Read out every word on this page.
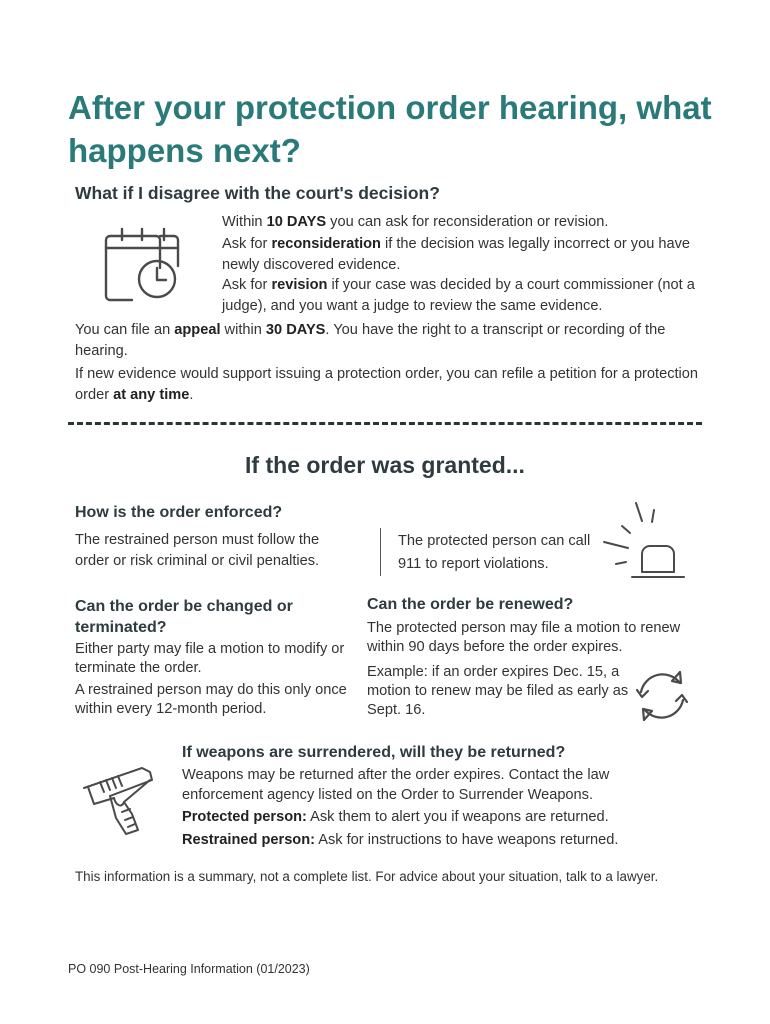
After your protection order hearing, what happens next?
What if I disagree with the court's decision?

Within 10 DAYS you can ask for reconsideration or revision.

Ask for reconsideration if the decision was legally incorrect or you have newly discovered evidence.

Ask for revision if your case was decided by a court commissioner (not a judge), and you want a judge to review the same evidence.

You can file an appeal within 30 DAYS. You have the right to a transcript or recording of the hearing.

If new evidence would support issuing a protection order, you can refile a petition for a protection order at any time.

If the order was granted...
How is the order enforced?

The restrained person must follow the order or risk criminal or civil penalties.

The protected person can call 911 to report violations.

Can the order be changed or terminated?

Either party may file a motion to modify or terminate the order.

A restrained person may do this only once within every 12-month period.

Can the order be renewed?

The protected person may file a motion to renew within 90 days before the order expires.

Example: if an order expires Dec. 15, a motion to renew may be filed as early as Sept. 16.

If weapons are surrendered, will they be returned?

Weapons may be returned after the order expires. Contact the law enforcement agency listed on the Order to Surrender Weapons.

Protected person: Ask them to alert you if weapons are returned.

Restrained person: Ask for instructions to have weapons returned.

This information is a summary, not a complete list. For advice about your situation, talk to a lawyer.

PO 090 Post-Hearing Information (01/2023)
